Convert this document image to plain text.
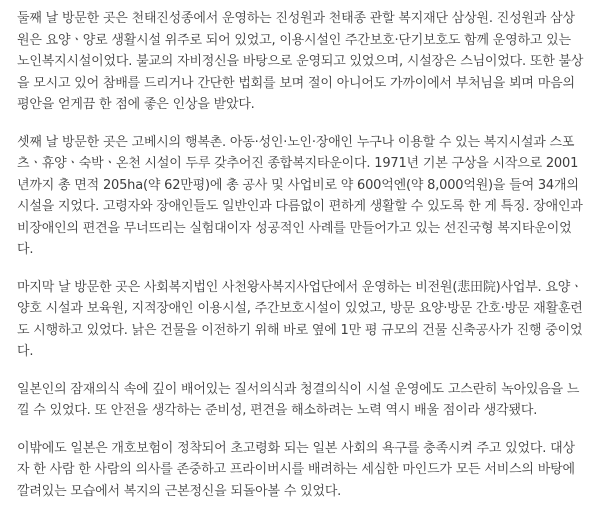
둘째 날 방문한 곳은 천태진성종에서 운영하는 진성원과 천태종 관할 복지재단 삼상원. 진성원과 삼상원은 요양ㆍ양로 생활시설 위주로 되어 있었고, 이용시설인 주간보호·단기보호도 함께 운영하고 있는 노인복지시설이었다. 불교의 자비정신을 바탕으로 운영되고 있었으며, 시설장은 스님이었다. 또한 불상을 모시고 있어 참배를 드리거나 간단한 법회를 보며 절이 아니어도 가까이에서 부처님을 뵈며 마음의 평안을 얻게끔 한 점에 좋은 인상을 받았다.

셋째 날 방문한 곳은 고베시의 행복촌. 아동·성인·노인·장애인 누구나 이용할 수 있는 복지시설과 스포츠ㆍ휴양ㆍ숙박ㆍ온천 시설이 두루 갖추어진 종합복지타운이다. 1971년 기본 구상을 시작으로 2001년까지 총 면적 205ha(약 62만평)에 총 공사 및 사업비로 약 600억엔(약 8,000억원)을 들여 34개의 시설을 지었다. 고령자와 장애인들도 일반인과 다름없이 편하게 생활할 수 있도록 한 게 특징. 장애인과 비장애인의 편견을 무너뜨리는 실험대이자 성공적인 사례를 만들어가고 있는 선진국형 복지타운이었다.

마지막 날 방문한 곳은 사회복지법인 사천왕사복지사업단에서 운영하는 비전원(悲田院)사업부. 요양ㆍ양호 시설과 보육원, 지적장애인 이용시설, 주간보호시설이 있었고, 방문 요양·방문 간호·방문 재활훈련도 시행하고 있었다. 낡은 건물을 이전하기 위해 바로 옆에 1만 평 규모의 건물 신축공사가 진행 중이었다.

일본인의 잠재의식 속에 깊이 배어있는 질서의식과 청결의식이 시설 운영에도 고스란히 녹아있음을 느낄 수 있었다. 또 안전을 생각하는 준비성, 편견을 해소하려는 노력 역시 배울 점이라 생각됐다.

이밖에도 일본은 개호보험이 정착되어 초고령화 되는 일본 사회의 욕구를 충족시켜 주고 있었다. 대상자 한 사람 한 사람의 의사를 존중하고 프라이버시를 배려하는 세심한 마인드가 모든 서비스의 바탕에 깔려있는 모습에서 복지의 근본정신을 되돌아볼 수 있었다.
